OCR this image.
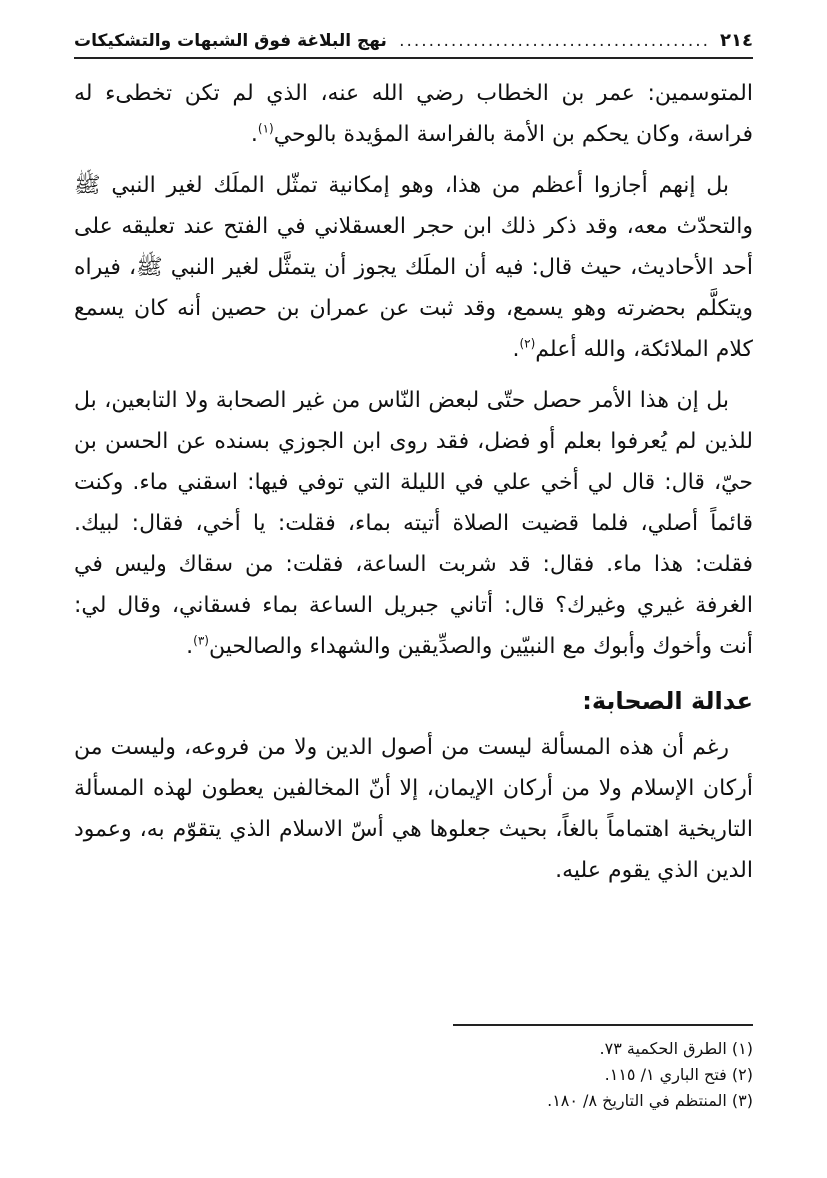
٢١٤
.....
نهج البلاغة فوق الشبهات والتشكيكات

المتوسمين: عمر بن الخطاب رضي الله عنه، الذي لم تكن تخطىء له فراسة، وكان يحكم بن الأمة بالفراسة المؤيدة بالوحي$^{(١)}$.

بل إنهم أجازوا أعظم من هذا، وهو إمكانية تمثّل الملَك لغير النبي ﷺ والتحدّث معه، وقد ذكر ذلك ابن حجر العسقلاني في الفتح عند تعليقه على أحد الأحاديث، حيث قال: فيه أن الملَك يجوز أن يتمثَّل لغير النبي ﷺ، فيراه ويتكلَّم بحضرته وهو يسمع، وقد ثبت عن عمران بن حصين أنه كان يسمع كلام الملائكة، والله أعلم$^{(٢)}$.

بل إن هذا الأمر حصل حتّى لبعض النّاس من غير الصحابة ولا التابعين، بل للذين لم يُعرفوا بعلم أو فضل، فقد روى ابن الجوزي بسنده عن الحسن بن حيّ، قال: قال لي أخي علي في الليلة التي توفي فيها: اسقني ماء. وكنت قائماً أصلي، فلما قضيت الصلاة أتيته بماء، فقلت: يا أخي، فقال: لبيك. فقلت: هذا ماء. فقال: قد شربت الساعة، فقلت: من سقاك وليس في الغرفة غيري وغيرك؟ قال: أتاني جبريل الساعة بماء فسقاني، وقال لي: أنت وأخوك وأبوك مع النبيّين والصدِّيقين والشهداء والصالحين$^{(٣)}$.

عدالة الصحابة:

رغم أن هذه المسألة ليست من أصول الدين ولا من فروعه، وليست من أركان الإسلام ولا من أركان الإيمان، إلا أنّ المخالفين يعطون لهذه المسألة التاريخية اهتماماً بالغاً، بحيث جعلوها هي أسّ الاسلام الذي يتقوّم به، وعمود الدين الذي يقوم عليه.

(١) الطرق الحكمية ٧٣.

(٢) فتح الباري ١/ ١١٥.

(٣) المنتظم في التاريخ ٨/ ١٨٠.
